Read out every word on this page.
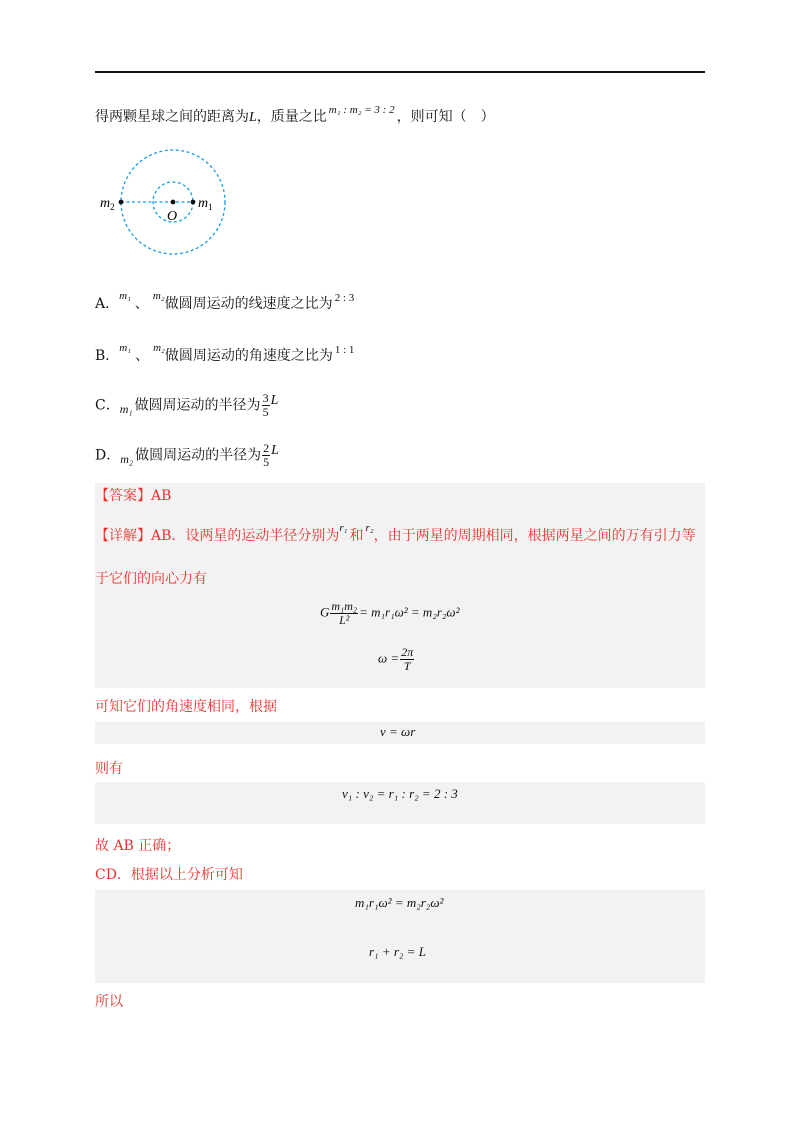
得两颗星球之间的距离为L，质量之比 $^{m_1 : m_2 = 3 : 2}$ ，则可知（　）
$m_2$
O
$m_1$
A．$^{m_1}$ 、 $^{m_2}$做圆周运动的线速度之比为 $^{2 : 3}$
B．$^{m_1}$ 、 $^{m_2}$做圆周运动的角速度之比为 $^{1 : 1}$
C．m₁ 做圆周运动的半径为 $\frac{3}{5}$ L
D．m₂ 做圆周运动的半径为 $\frac{2}{5}$ L
【答案】AB
【详解】AB．设两星的运动半径分别为$^{r_1}$ 和 $^{r_2}$，由于两星的周期相同，根据两星之间的万有引力等
于它们的向心力有
G $\frac{\text{m₁m₂}}{\text{L²}} = m_1r_1\omega^2 = m_2r_2\omega^2$
$\omega = \frac{2\pi}{T}$
可知它们的角速度相同，根据
v = ωr
则有
v₁ : v₂ = r₁ : r₂ = 2 : 3
故 AB 正确；
CD．根据以上分析可知
m₁r₁ω² = m₂r₂ω²
r₁ + r₂ = L
所以
